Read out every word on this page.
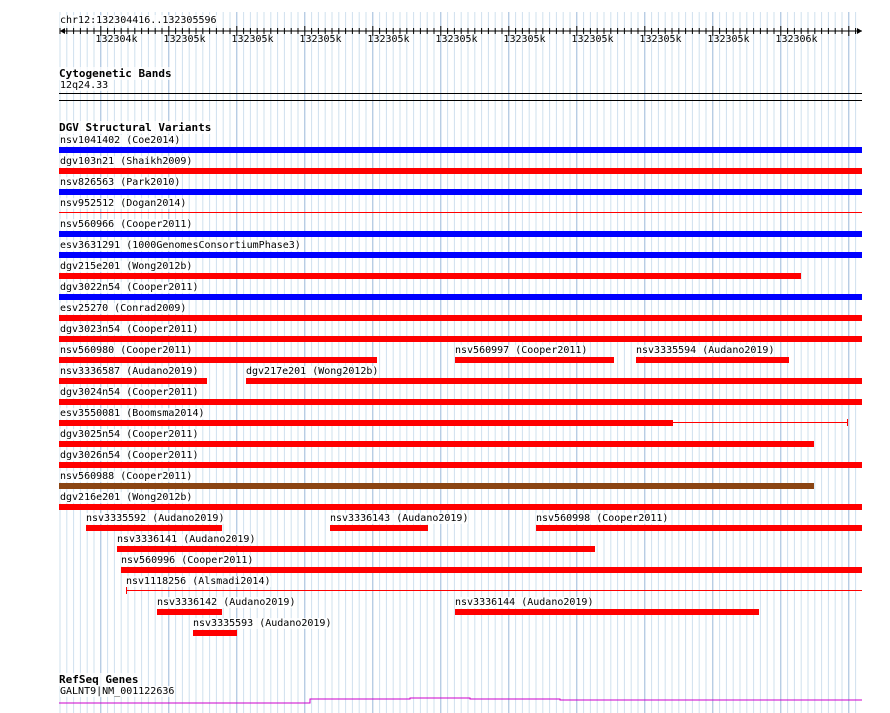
chr12:132304416..132305596
132304k	132305k	132305k	132305k	132305k	132305k	132305k	132305k	132305k	132305k	132306k
Cytogenetic Bands
12q24.33
DGV Structural Variants
nsv1041402 (Coe2014)
dgv103n21 (Shaikh2009)
nsv826563 (Park2010)
nsv952512 (Dogan2014)
nsv560966 (Cooper2011)
esv3631291 (1000GenomesConsortiumPhase3)
dgv215e201 (Wong2012b)
dgv3022n54 (Cooper2011)
esv25270 (Conrad2009)
dgv3023n54 (Cooper2011)
nsv560980 (Cooper2011)	nsv560997 (Cooper2011)	nsv3335594 (Audano2019)
nsv3336587 (Audano2019)	dgv217e201 (Wong2012b)
dgv3024n54 (Cooper2011)
esv3550081 (Boomsma2014)
dgv3025n54 (Cooper2011)
dgv3026n54 (Cooper2011)
nsv560988 (Cooper2011)
dgv216e201 (Wong2012b)
nsv3335592 (Audano2019)	nsv3336143 (Audano2019)	nsv560998 (Cooper2011)
nsv3336141 (Audano2019)
nsv560996 (Cooper2011)
nsv1118256 (Alsmadi2014)
nsv3336142 (Audano2019)	nsv3336144 (Audano2019)
nsv3335593 (Audano2019)
RefSeq Genes
GALNT9|NM_001122636
